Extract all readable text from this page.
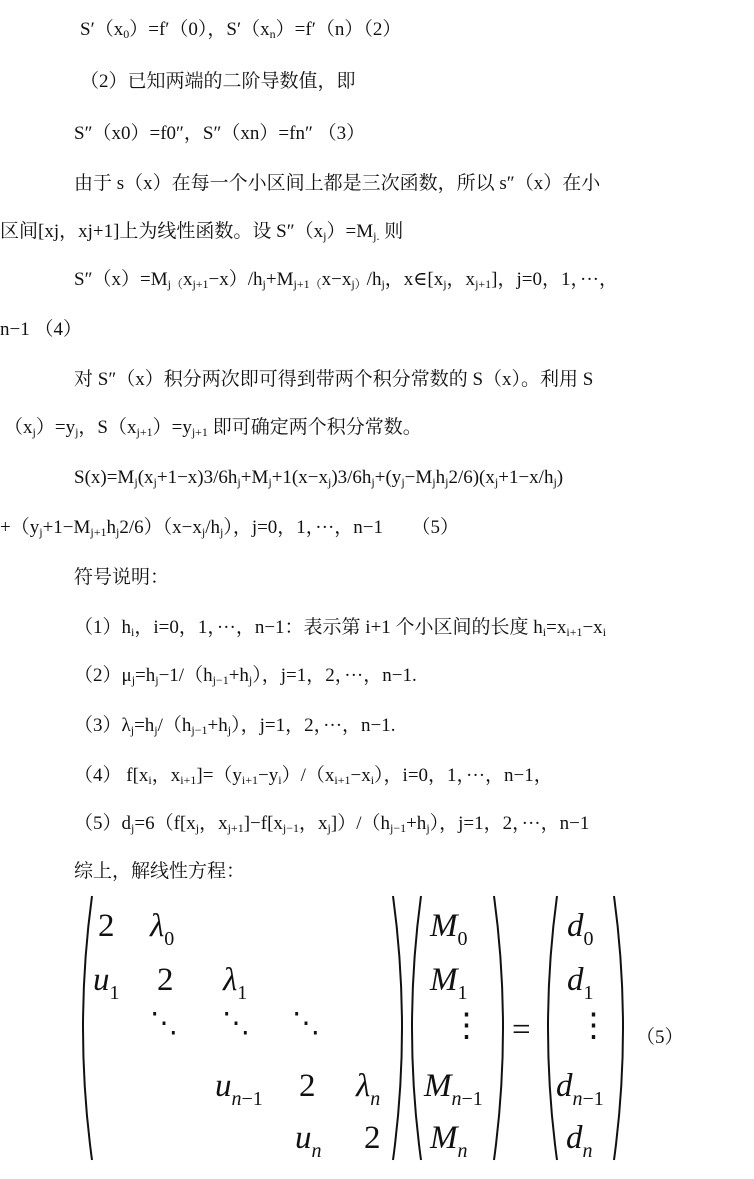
$S'(x_0)=f'(0)$，$S'(x_n)=f'(n)(2)$
（2）已知两端的二阶导数值，即
S″（x0）=f0″，S″（xn）=fn″ （3）
由于 s（x）在每一个小区间上都是三次函数，所以 s″（x）在小
区间[xj，xj+1]上为线性函数。设 $S''(x_j)=M_{j.}$ 则
$S''(x)=M_{j(}x_{j+1}-x)/h_j+M_{j+1(}x-x_{j)}/h_j$，$x\in[x_j$，$x_{j+1}$]，j=0，1，···，
n−1 （4）
对 S″（x）积分两次即可得到带两个积分常数的 S（x）。利用 S
$(x_j)=y_j$，$S(x_{j+1})=y_{j+1}$ 即可确定两个积分常数。
$S(x)=M_j(x_j+1-x)3/6h_j+M_j+1(x-x_j)3/6h_j+(y_j-M_jh_j2/6)(x_j+1-x/h_j)$
$+(y_j+1-M_{j+1}h_j2/6)(x-x_j/h_j)$，j=0，1，···，n−1      （5）
符号说明：
$(1)h_i$，i=0，1，···，n−1：表示第 i+1 个小区间的长度 $h_i=x_{i+1}-x_i$
$(2)\mu_j=h_j-1/(h_{j-1}+h_j)$，j=1，2，···，n−1.
$(3)\lambda_j=h_j/(h_{j-1}+h_j)$，j=1，2，···，n−1.
（4） $f[x_i$，$x_{i+1}]=(y_{i+1}-y_i)/(x_{i+1}-x_i)$，i=0，1，···，n−1，
$(5)d_j=6(f[x_j$，$x_{j+1}]-f[x_{j-1}$，$x_j])/(h_{j-1}+h_j)$，j=1，2，···，n−1
综上，解线性方程：
2 $\lambda_0$
$u_1$ 2 $\lambda_1$
⋱ ⋱ ⋱
$u_{n-1}$ 2 $\lambda_n$
$u_n$ 2
$M_0$
$M_1$
⋮
$M_{n-1}$
$M_n$
=
$d_0$
$d_1$
⋮
$d_{n-1}$
$d_n$
（5）
